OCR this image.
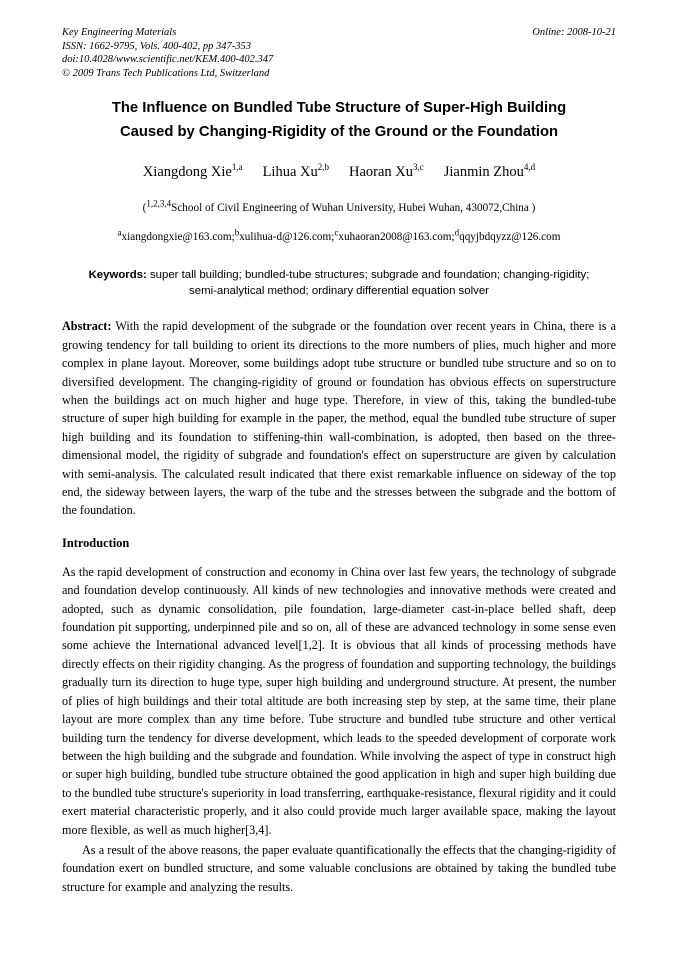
Key Engineering Materials
ISSN: 1662-9795, Vols. 400-402, pp 347-353
doi:10.4028/www.scientific.net/KEM.400-402.347
© 2009 Trans Tech Publications Ltd, Switzerland
Online: 2008-10-21
The Influence on Bundled Tube Structure of Super-High Building
Caused by Changing-Rigidity of the Ground or the Foundation
Xiangdong Xie$^{1,a}$ Lihua Xu$^{2,b}$ Haoran Xu$^{3,c}$ Jianmin Zhou$^{4,d}$
($^{1,2,3,4}$School of Civil Engineering of Wuhan University, Hubei Wuhan, 430072,China )
$^a$xiangdongxie@163.com;$^b$xulihua-d@126.com;$^c$xuhaoran2008@163.com;$^d$qqyjbdqyzz@126.com
Keywords: super tall building; bundled-tube structures; subgrade and foundation; changing-rigidity;
semi-analytical method; ordinary differential equation solver
Abstract: With the rapid development of the subgrade or the foundation over recent years in China, there is a growing tendency for tall building to orient its directions to the more numbers of plies, much higher and more complex in plane layout. Moreover, some buildings adopt tube structure or bundled tube structure and so on to diversified development. The changing-rigidity of ground or foundation has obvious effects on superstructure when the buildings act on much higher and huge type. Therefore, in view of this, taking the bundled-tube structure of super high building for example in the paper, the method, equal the bundled tube structure of super high building and its foundation to stiffening-thin wall-combination, is adopted, then based on the three-dimensional model, the rigidity of subgrade and foundation's effect on superstructure are given by calculation with semi-analysis. The calculated result indicated that there exist remarkable influence on sideway of the top end, the sideway between layers, the warp of the tube and the stresses between the subgrade and the bottom of the foundation.
Introduction
As the rapid development of construction and economy in China over last few years, the technology of subgrade and foundation develop continuously. All kinds of new technologies and innovative methods were created and adopted, such as dynamic consolidation, pile foundation, large-diameter cast-in-place belled shaft, deep foundation pit supporting, underpinned pile and so on, all of these are advanced technology in some sense even some achieve the International advanced level[1,2]. It is obvious that all kinds of processing methods have directly effects on their rigidity changing. As the progress of foundation and supporting technology, the buildings gradually turn its direction to huge type, super high building and underground structure. At present, the number of plies of high buildings and their total altitude are both increasing step by step, at the same time, their plane layout are more complex than any time before. Tube structure and bundled tube structure and other vertical building turn the tendency for diverse development, which leads to the speeded development of corporate work between the high building and the subgrade and foundation. While involving the aspect of type in construct high or super high building, bundled tube structure obtained the good application in high and super high building due to the bundled tube structure's superiority in load transferring, earthquake-resistance, flexural rigidity and it could exert material characteristic properly, and it also could provide much larger available space, making the layout more flexible, as well as much higher[3,4].
As a result of the above reasons, the paper evaluate quantificationally the effects that the changing-rigidity of foundation exert on bundled structure, and some valuable conclusions are obtained by taking the bundled tube structure for example and analyzing the results.
